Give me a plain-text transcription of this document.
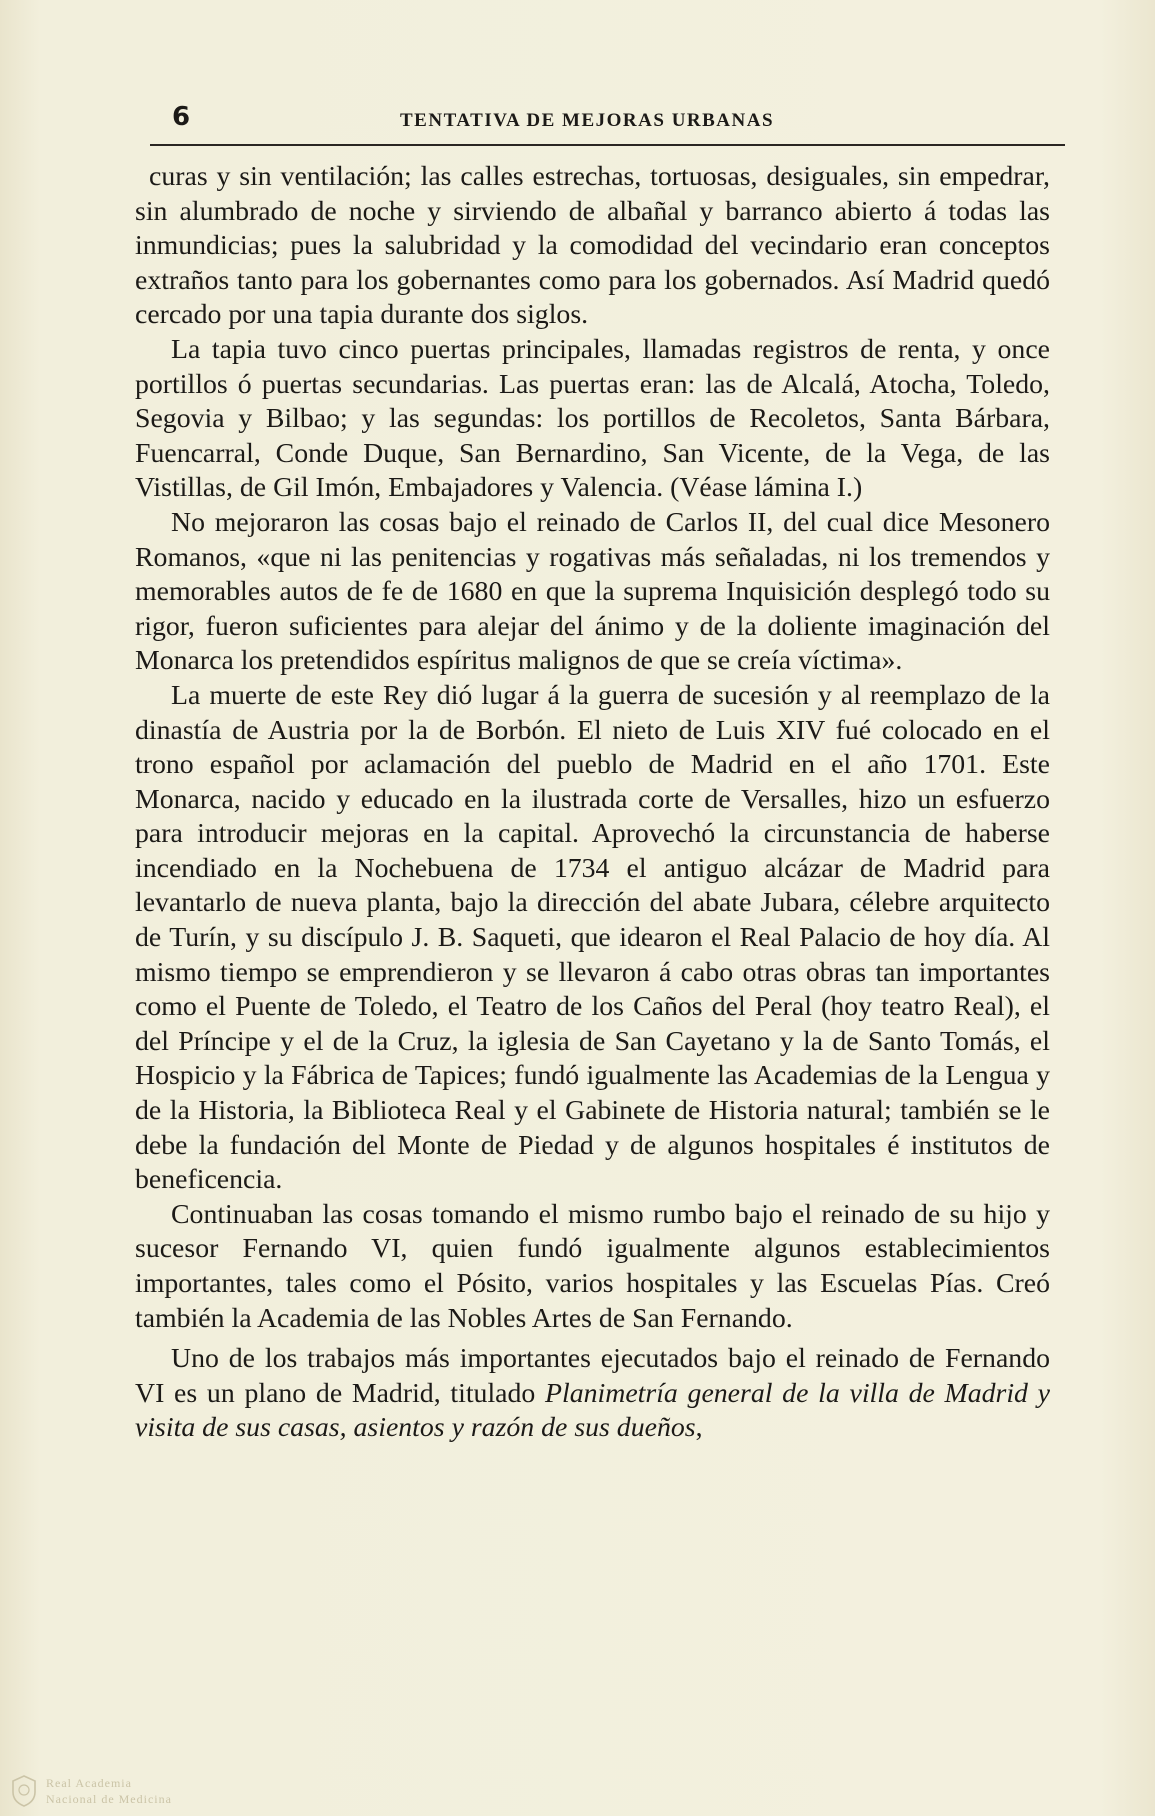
6	TENTATIVA DE MEJORAS URBANAS

curas y sin ventilación; las calles estrechas, tortuosas, desiguales, sin empedrar, sin alumbrado de noche y sirviendo de albañal y barranco abierto á todas las inmundicias; pues la salubridad y la comodidad del vecindario eran conceptos extraños tanto para los gobernantes como para los gobernados. Así Madrid quedó cercado por una tapia durante dos siglos.

La tapia tuvo cinco puertas principales, llamadas registros de renta, y once portillos ó puertas secundarias. Las puertas eran: las de Alcalá, Atocha, Toledo, Segovia y Bilbao; y las segundas: los portillos de Recoletos, Santa Bárbara, Fuencarral, Conde Duque, San Bernardino, San Vicente, de la Vega, de las Vistillas, de Gil Imón, Embajadores y Valencia. (Véase lámina I.)

No mejoraron las cosas bajo el reinado de Carlos II, del cual dice Mesonero Romanos, «que ni las penitencias y rogativas más señaladas, ni los tremendos y memorables autos de fe de 1680 en que la suprema Inquisición desplegó todo su rigor, fueron suficientes para alejar del ánimo y de la doliente imaginación del Monarca los pretendidos espíritus malignos de que se creía víctima».

La muerte de este Rey dió lugar á la guerra de sucesión y al reemplazo de la dinastía de Austria por la de Borbón. El nieto de Luis XIV fué colocado en el trono español por aclamación del pueblo de Madrid en el año 1701. Este Monarca, nacido y educado en la ilustrada corte de Versalles, hizo un esfuerzo para introducir mejoras en la capital. Aprovechó la circunstancia de haberse incendiado en la Nochebuena de 1734 el antiguo alcázar de Madrid para levantarlo de nueva planta, bajo la dirección del abate Jubara, célebre arquitecto de Turín, y su discípulo J. B. Saqueti, que idearon el Real Palacio de hoy día. Al mismo tiempo se emprendieron y se llevaron á cabo otras obras tan importantes como el Puente de Toledo, el Teatro de los Caños del Peral (hoy teatro Real), el del Príncipe y el de la Cruz, la iglesia de San Cayetano y la de Santo Tomás, el Hospicio y la Fábrica de Tapices; fundó igualmente las Academias de la Lengua y de la Historia, la Biblioteca Real y el Gabinete de Historia natural; también se le debe la fundación del Monte de Piedad y de algunos hospitales é institutos de beneficencia.

Continuaban las cosas tomando el mismo rumbo bajo el reinado de su hijo y sucesor Fernando VI, quien fundó igualmente algunos establecimientos importantes, tales como el Pósito, varios hospitales y las Escuelas Pías. Creó también la Academia de las Nobles Artes de San Fernando.

Uno de los trabajos más importantes ejecutados bajo el reinado de Fernando VI es un plano de Madrid, titulado Planimetría general de la villa de Madrid y visita de sus casas, asientos y razón de sus dueños,

Real Academia
Nacional de Medicina
